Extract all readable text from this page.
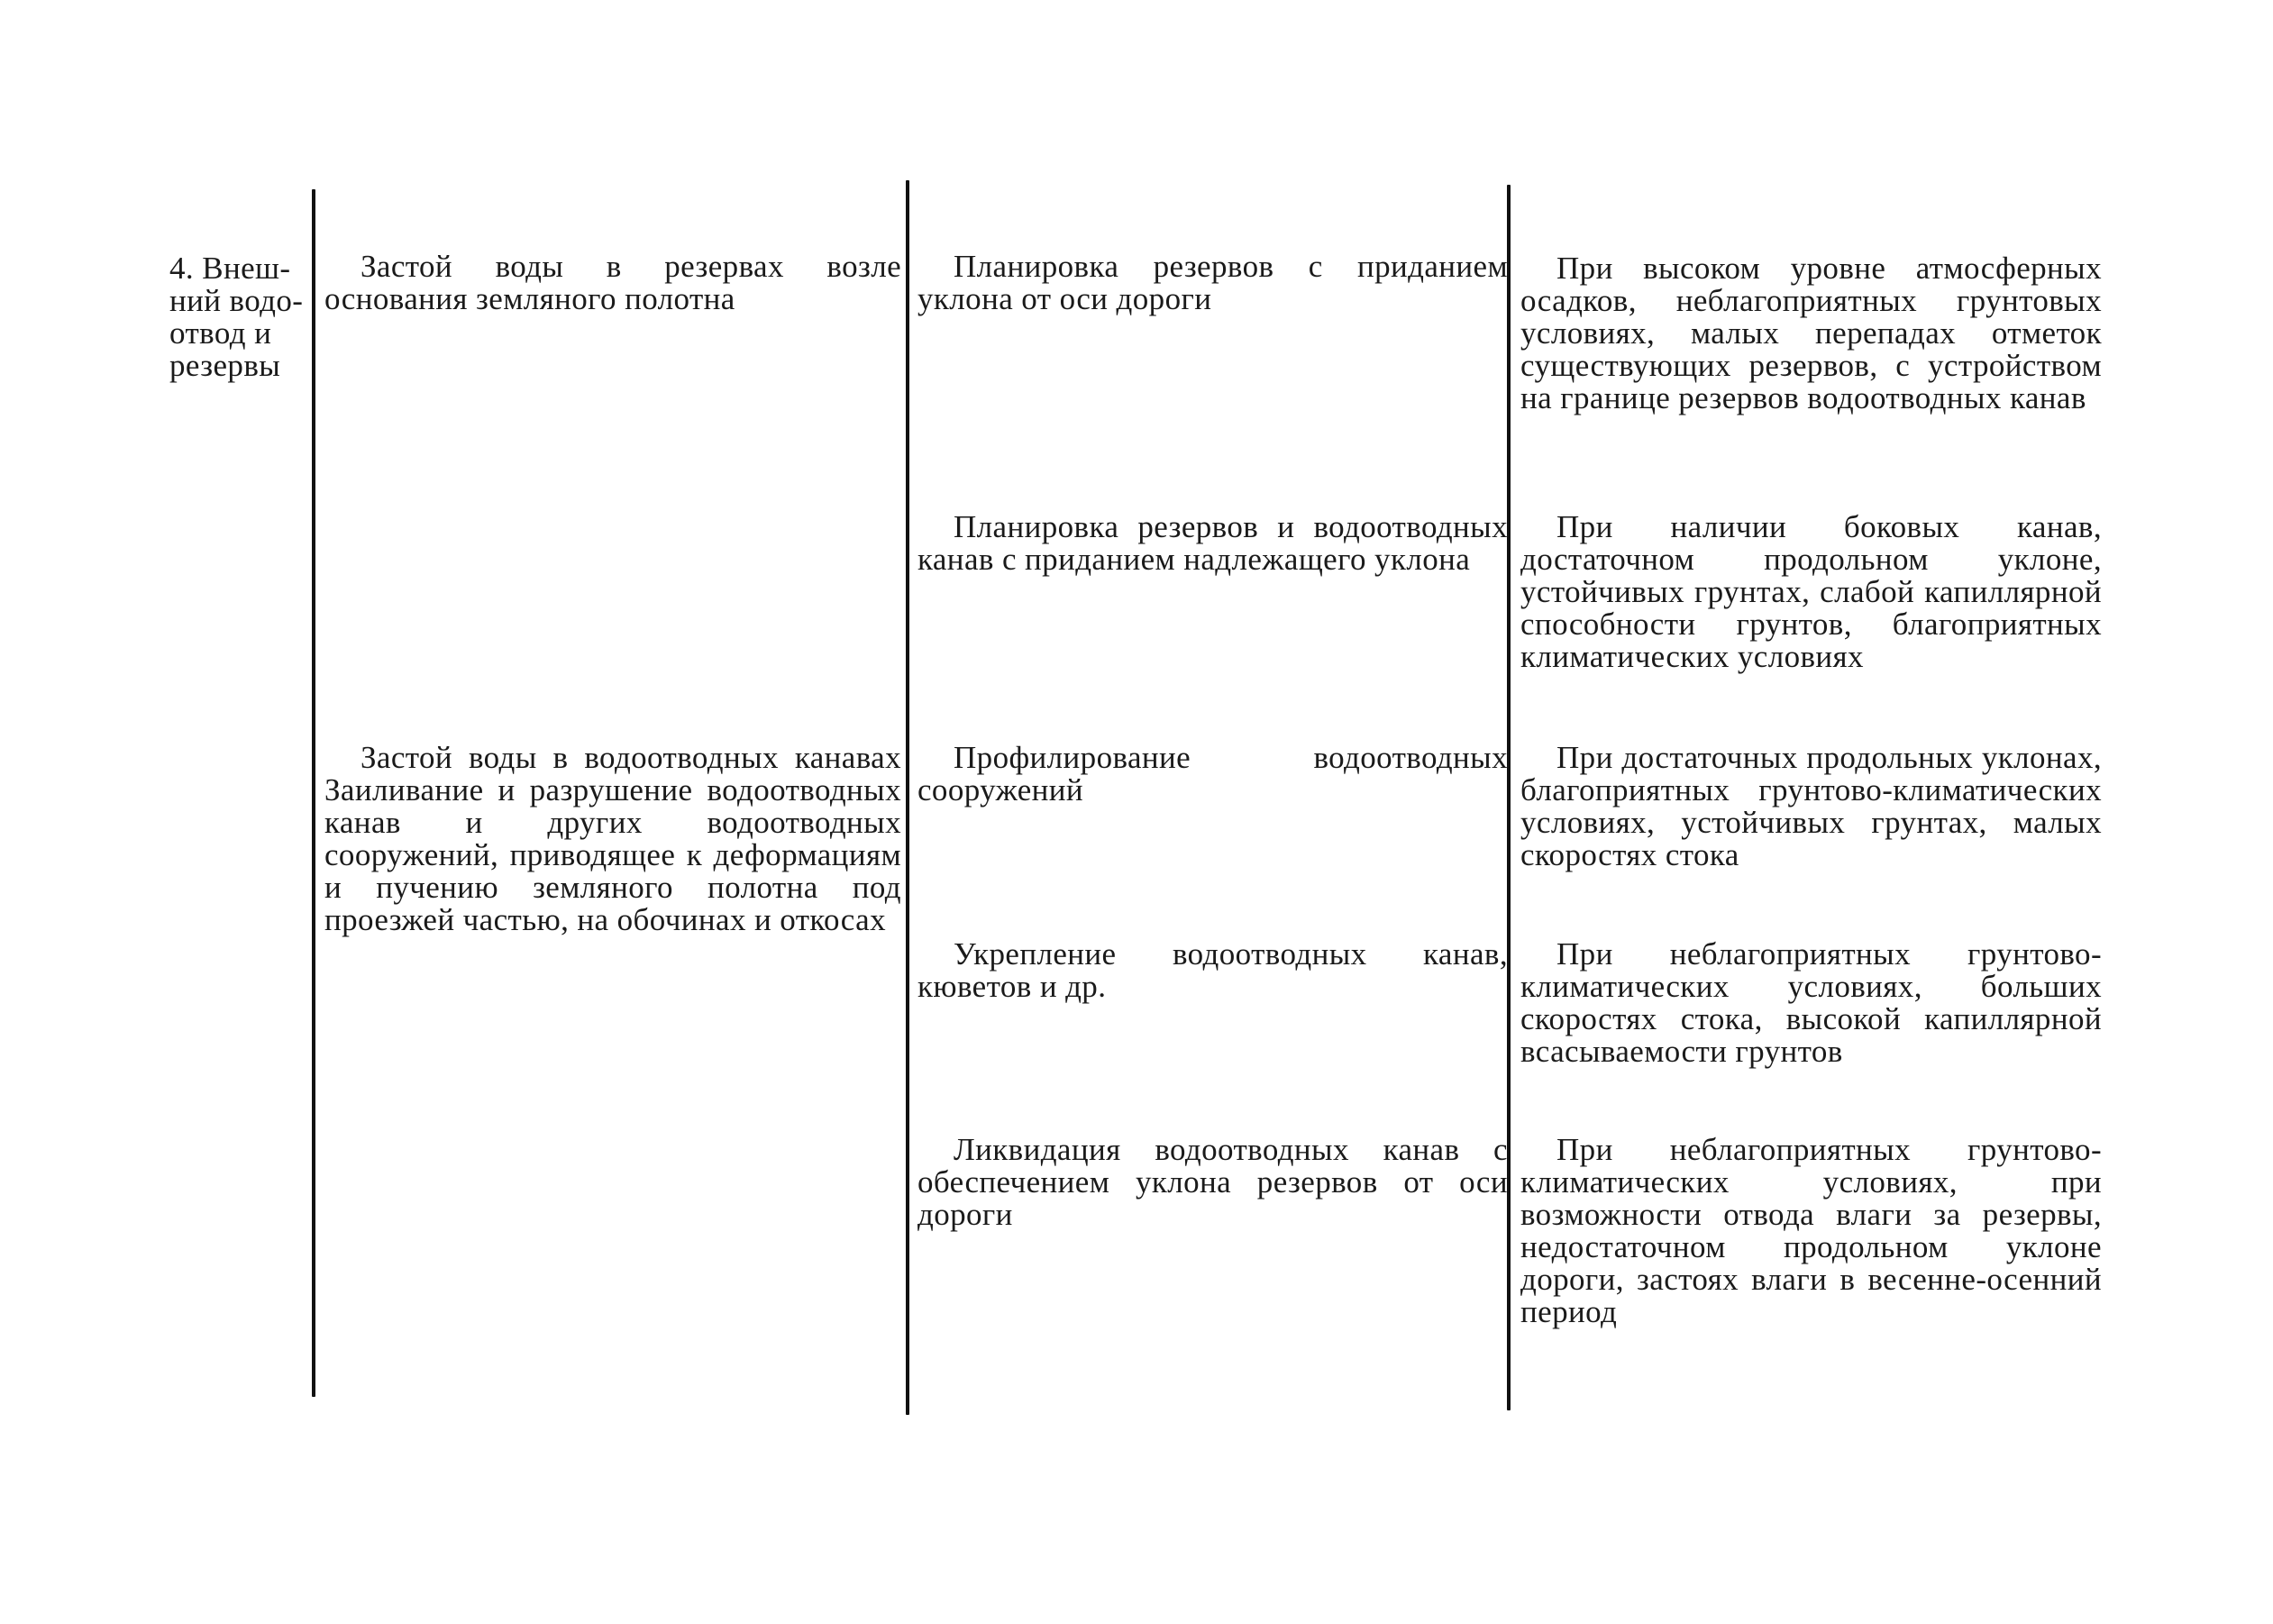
4. Внеш-
ний водо-
отвод и
резервы

Застой воды в резервах возле основания земляного полотна

Застой воды в водоотводных канавах Заиливание и разрушение водоотводных канав и других водоотводных сооружений, приводящее к деформациям и пучению земляного полотна под проезжей частью, на обочинах и откосах

Планировка резервов с приданием уклона от оси дороги

Планировка резервов и водоотводных канав с приданием надлежащего уклона

Профилирование водоотводных сооружений

Укрепление водоотводных канав, кюветов и др.

Ликвидация водоотводных канав с обеспечением уклона резервов от оси дороги

При высоком уровне атмосферных осадков, неблагоприятных грунтовых условиях, малых перепадах отметок существующих резервов, с устройством на границе резервов водоотводных канав

При наличии боковых канав, достаточном продольном уклоне, устойчивых грунтах, слабой капиллярной способности грунтов, благоприятных климатических условиях

При достаточных продольных уклонах, благоприятных грунтово-климатических условиях, устойчивых грунтах, малых скоростях стока

При неблагоприятных грунтово-климатических условиях, больших скоростях стока, высокой капиллярной всасываемости грунтов

При неблагоприятных грунтово-климатических условиях, при возможности отвода влаги за резервы, недостаточном продольном уклоне дороги, застоях влаги в весенне-осенний период
